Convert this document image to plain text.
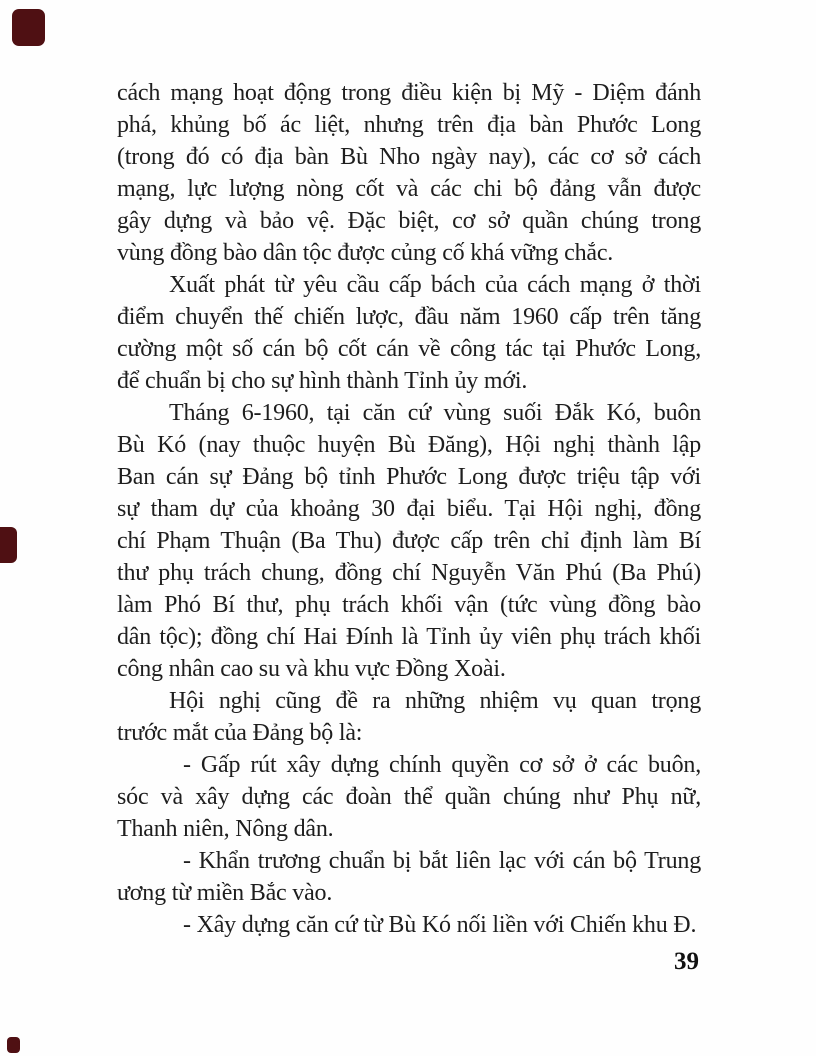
cách mạng hoạt động trong điều kiện bị Mỹ - Diệm đánh
phá, khủng bố ác liệt, nhưng trên địa bàn Phước Long
(trong đó có địa bàn Bù Nho ngày nay), các cơ sở cách
mạng, lực lượng nòng cốt và các chi bộ đảng vẫn được
gây dựng và bảo vệ. Đặc biệt, cơ sở quần chúng trong
vùng đồng bào dân tộc được củng cố khá vững chắc.
Xuất phát từ yêu cầu cấp bách của cách mạng ở thời
điểm chuyển thế chiến lược, đầu năm 1960 cấp trên tăng
cường một số cán bộ cốt cán về công tác tại Phước Long,
để chuẩn bị cho sự hình thành Tỉnh ủy mới.
Tháng 6-1960, tại căn cứ vùng suối Đắk Kó, buôn
Bù Kó (nay thuộc huyện Bù Đăng), Hội nghị thành lập
Ban cán sự Đảng bộ tỉnh Phước Long được triệu tập với
sự tham dự của khoảng 30 đại biểu. Tại Hội nghị, đồng
chí Phạm Thuận (Ba Thu) được cấp trên chỉ định làm Bí
thư phụ trách chung, đồng chí Nguyễn Văn Phú (Ba Phú)
làm Phó Bí thư, phụ trách khối vận (tức vùng đồng bào
dân tộc); đồng chí Hai Đính là Tỉnh ủy viên phụ trách khối
công nhân cao su và khu vực Đồng Xoài.
Hội nghị cũng đề ra những nhiệm vụ quan trọng
trước mắt của Đảng bộ là:
- Gấp rút xây dựng chính quyền cơ sở ở các buôn,
sóc và xây dựng các đoàn thể quần chúng như Phụ nữ,
Thanh niên, Nông dân.
- Khẩn trương chuẩn bị bắt liên lạc với cán bộ Trung
ương từ miền Bắc vào.
- Xây dựng căn cứ từ Bù Kó nối liền với Chiến khu Đ.
39
